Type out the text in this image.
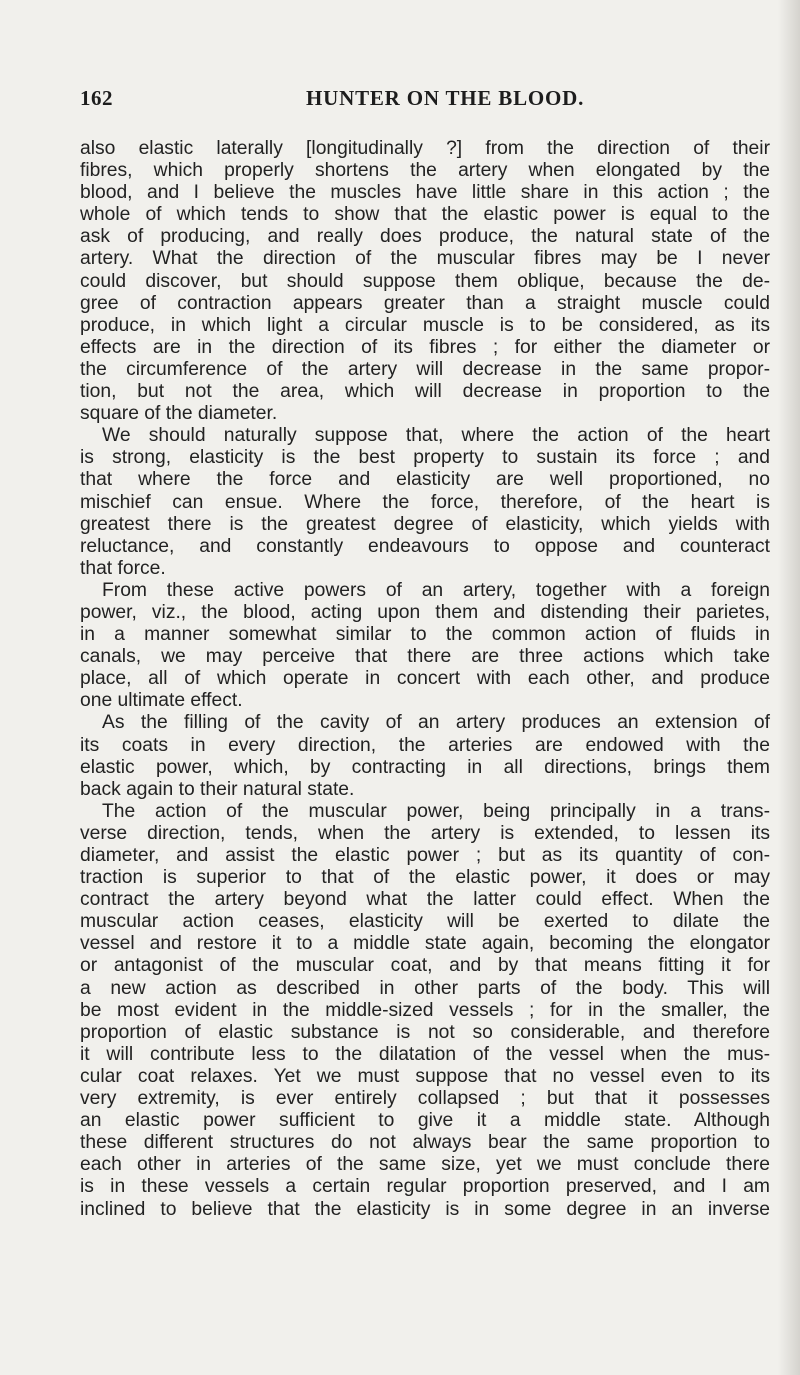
162	HUNTER ON THE BLOOD.
also elastic laterally [longitudinally ?] from the direction of their
fibres, which properly shortens the artery when elongated by the
blood, and I believe the muscles have little share in this action ; the
whole of which tends to show that the elastic power is equal to the
ask of producing, and really does produce, the natural state of the
artery. What the direction of the muscular fibres may be I never
could discover, but should suppose them oblique, because the de-
gree of contraction appears greater than a straight muscle could
produce, in which light a circular muscle is to be considered, as its
effects are in the direction of its fibres ; for either the diameter or
the circumference of the artery will decrease in the same propor-
tion, but not the area, which will decrease in proportion to the
square of the diameter.
We should naturally suppose that, where the action of the heart
is strong, elasticity is the best property to sustain its force ; and
that where the force and elasticity are well proportioned, no
mischief can ensue. Where the force, therefore, of the heart is
greatest there is the greatest degree of elasticity, which yields with
reluctance, and constantly endeavours to oppose and counteract
that force.
From these active powers of an artery, together with a foreign
power, viz., the blood, acting upon them and distending their parietes,
in a manner somewhat similar to the common action of fluids in
canals, we may perceive that there are three actions which take
place, all of which operate in concert with each other, and produce
one ultimate effect.
As the filling of the cavity of an artery produces an extension of
its coats in every direction, the arteries are endowed with the
elastic power, which, by contracting in all directions, brings them
back again to their natural state.
The action of the muscular power, being principally in a trans-
verse direction, tends, when the artery is extended, to lessen its
diameter, and assist the elastic power ; but as its quantity of con-
traction is superior to that of the elastic power, it does or may
contract the artery beyond what the latter could effect. When the
muscular action ceases, elasticity will be exerted to dilate the
vessel and restore it to a middle state again, becoming the elongator
or antagonist of the muscular coat, and by that means fitting it for
a new action as described in other parts of the body. This will
be most evident in the middle-sized vessels ; for in the smaller, the
proportion of elastic substance is not so considerable, and therefore
it will contribute less to the dilatation of the vessel when the mus-
cular coat relaxes. Yet we must suppose that no vessel even to its
very extremity, is ever entirely collapsed ; but that it possesses
an elastic power sufficient to give it a middle state. Although
these different structures do not always bear the same proportion to
each other in arteries of the same size, yet we must conclude there
is in these vessels a certain regular proportion preserved, and I am
inclined to believe that the elasticity is in some degree in an inverse
